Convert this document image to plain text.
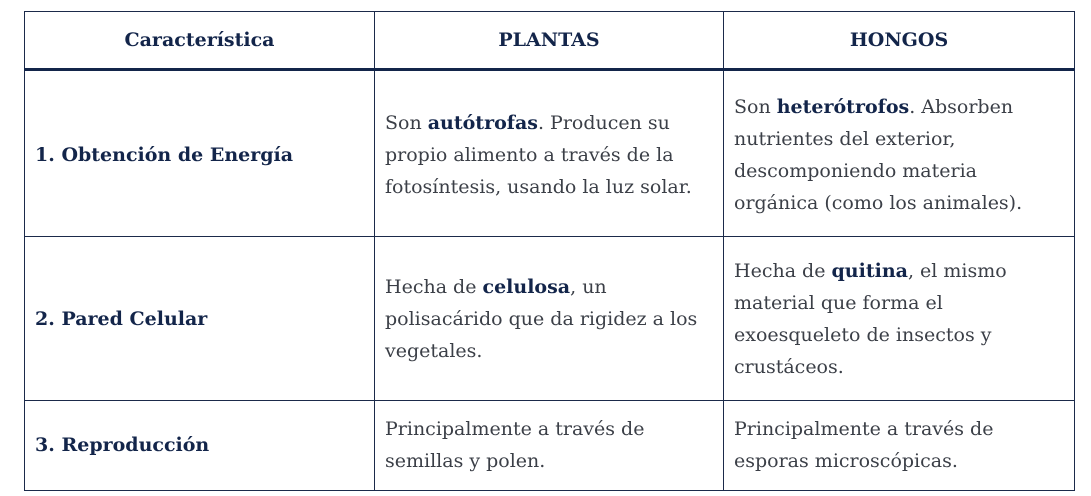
Característica	PLANTAS	HONGOS
1. Obtención de Energía	Son autótrofas. Producen su propio alimento a través de la fotosíntesis, usando la luz solar.	Son heterótrofos. Absorben nutrientes del exterior, descomponiendo materia orgánica (como los animales).
2. Pared Celular	Hecha de celulosa, un polisacárido que da rigidez a los vegetales.	Hecha de quitina, el mismo material que forma el exoesqueleto de insectos y crustáceos.
3. Reproducción	Principalmente a través de semillas y polen.	Principalmente a través de esporas microscópicas.
